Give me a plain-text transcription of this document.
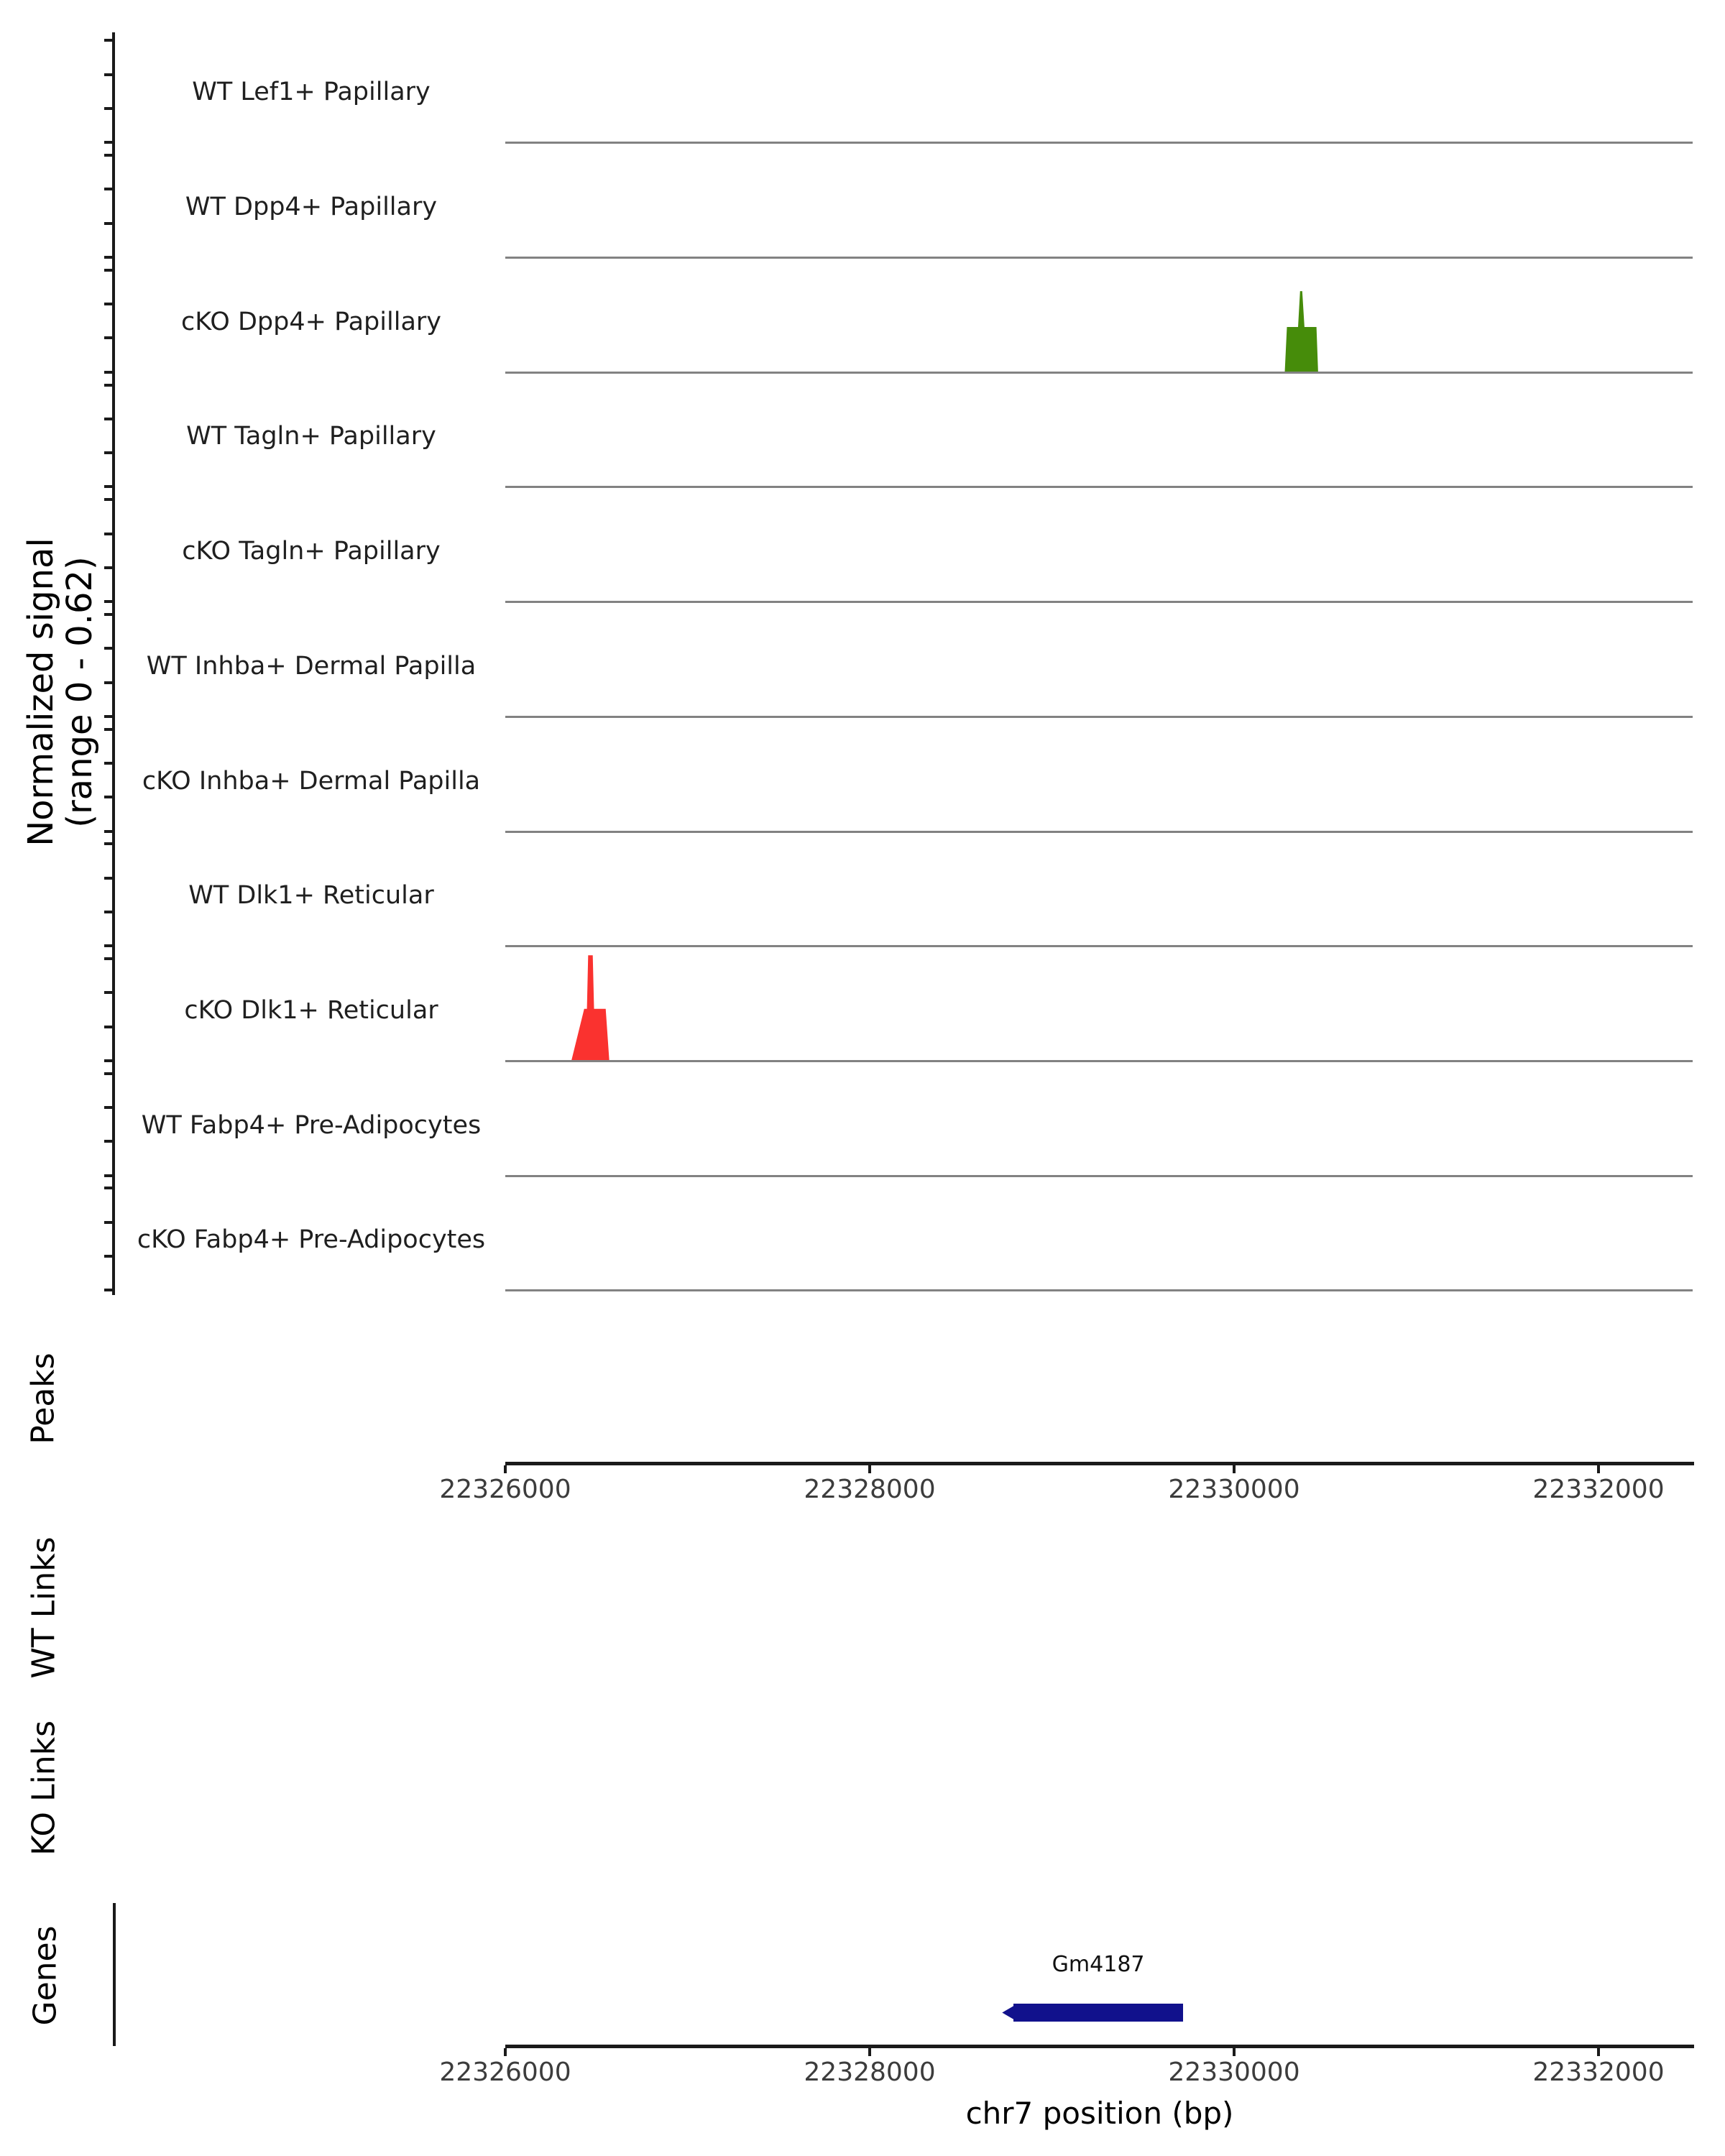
Normalized signal
(range 0 - 0.62)
WT Lef1+ Papillary
WT Dpp4+ Papillary
cKO Dpp4+ Papillary
WT Tagln+ Papillary
cKO Tagln+ Papillary
WT Inhba+ Dermal Papilla
cKO Inhba+ Dermal Papilla
WT Dlk1+ Reticular
cKO Dlk1+ Reticular
WT Fabp4+ Pre-Adipocytes
cKO Fabp4+ Pre-Adipocytes
Peaks
WT Links
KO Links
Genes
22326000	22328000	22330000	22332000
22326000	22328000	22330000	22332000
chr7 position (bp)
Gm4187
